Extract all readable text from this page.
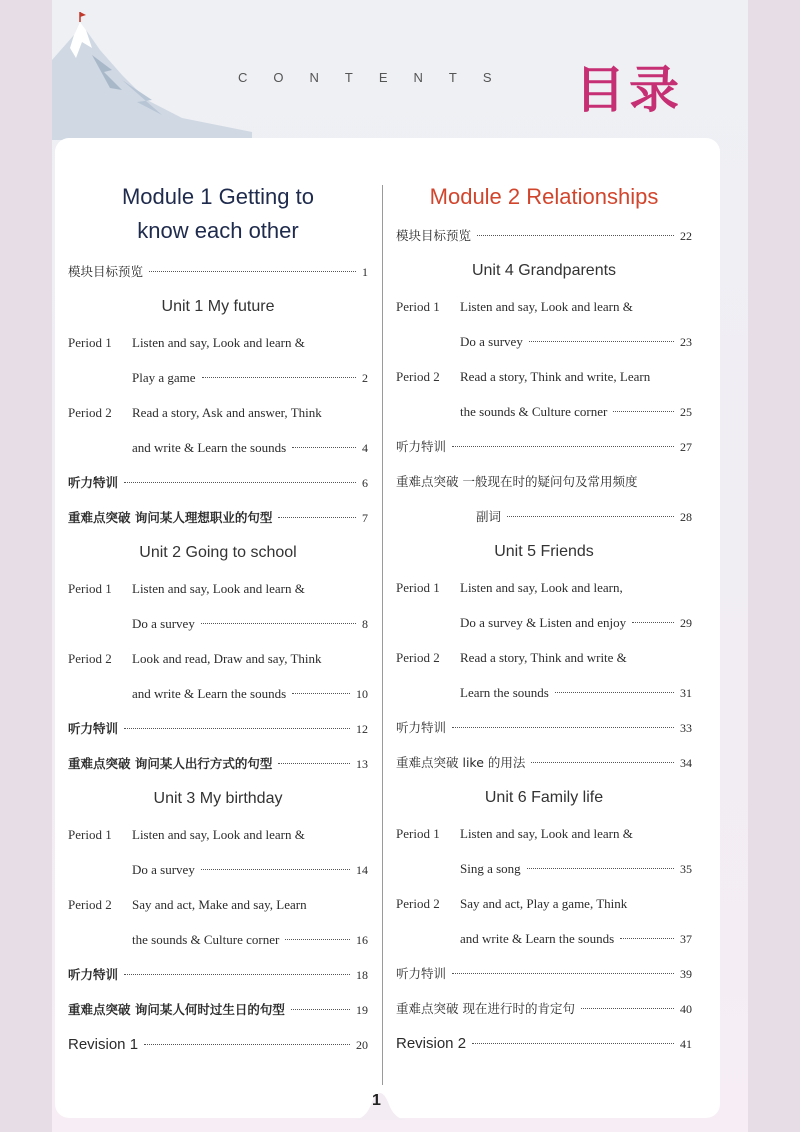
CONTENTS 目录
Module 1 Getting to
know each other
模块目标预览	1
Unit 1 My future
Period 1	Listen and say, Look and learn &
Play a game	2
Period 2	Read a story, Ask and answer, Think
and write & Learn the sounds	4
听力特训	6
重难点突破 询问某人理想职业的句型	7
Unit 2 Going to school
Period 1	Listen and say, Look and learn &
Do a survey	8
Period 2	Look and read, Draw and say, Think
and write & Learn the sounds	10
听力特训	12
重难点突破 询问某人出行方式的句型	13
Unit 3 My birthday
Period 1	Listen and say, Look and learn &
Do a survey	14
Period 2	Say and act, Make and say, Learn
the sounds & Culture corner	16
听力特训	18
重难点突破 询问某人何时过生日的句型	19
Revision 1	20
Module 2 Relationships
模块目标预览	22
Unit 4 Grandparents
Period 1	Listen and say, Look and learn &
Do a survey	23
Period 2	Read a story, Think and write, Learn
the sounds & Culture corner	25
听力特训	27
重难点突破 一般现在时的疑问句及常用频度
副词	28
Unit 5 Friends
Period 1	Listen and say, Look and learn,
Do a survey & Listen and enjoy	29
Period 2	Read a story, Think and write &
Learn the sounds	31
听力特训	33
重难点突破 like 的用法	34
Unit 6 Family life
Period 1	Listen and say, Look and learn &
Sing a song	35
Period 2	Say and act, Play a game, Think
and write & Learn the sounds	37
听力特训	39
重难点突破 现在进行时的肯定句	40
Revision 2	41
1
